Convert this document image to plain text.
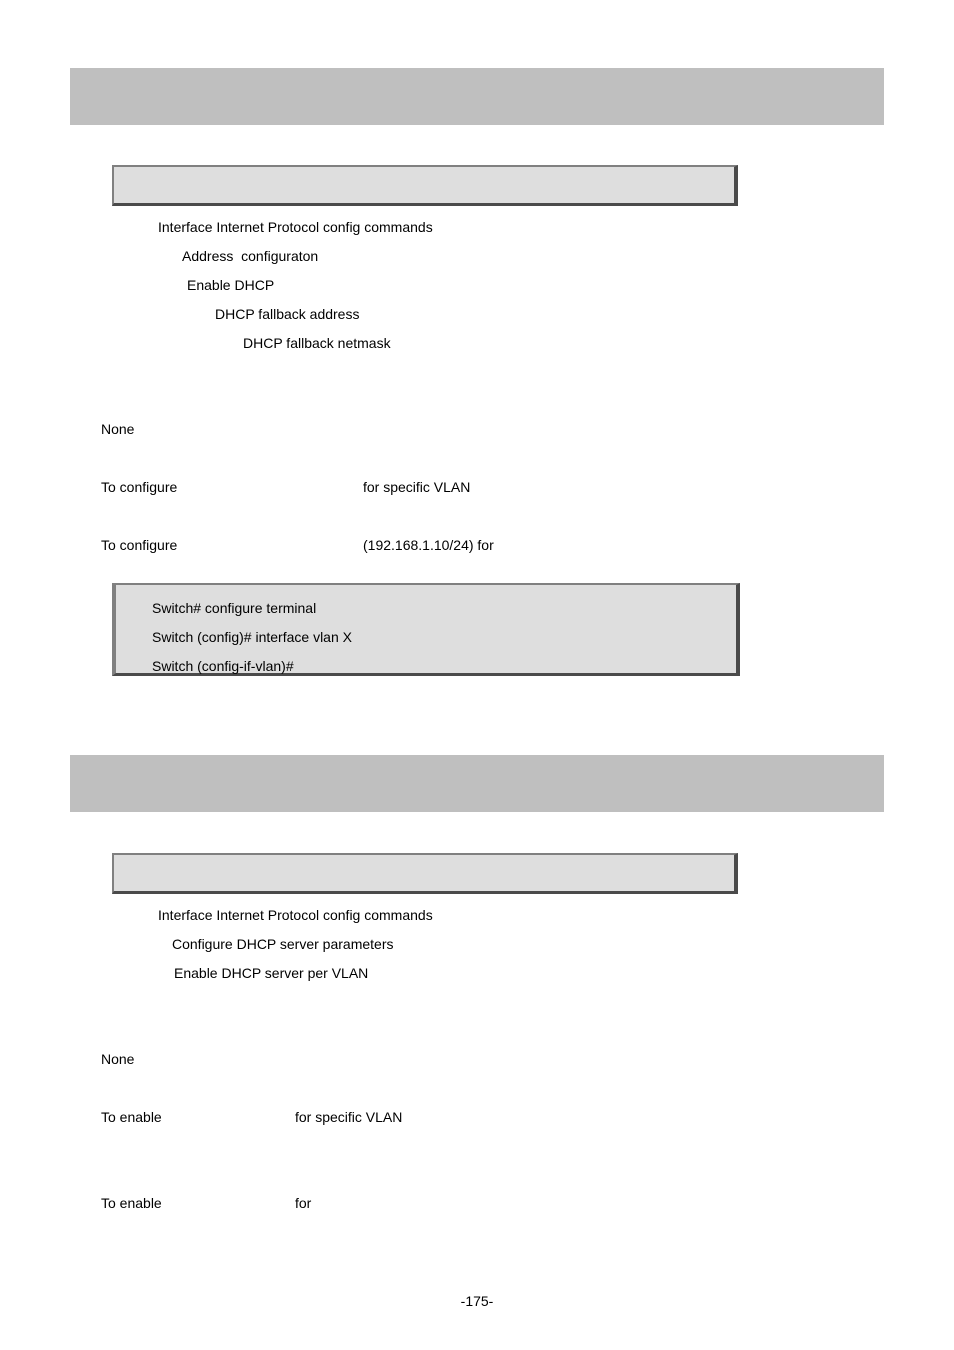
Interface Internet Protocol config commands
Address  configuraton
Enable DHCP
DHCP fallback address
DHCP fallback netmask
None
To configure	for specific VLAN
To configure	(192.168.1.10/24) for
Switch# configure terminal
Switch (config)# interface vlan X
Switch (config-if-vlan)#
Interface Internet Protocol config commands
Configure DHCP server parameters
Enable DHCP server per VLAN
None
To enable	for specific VLAN
To enable	for
-175-
